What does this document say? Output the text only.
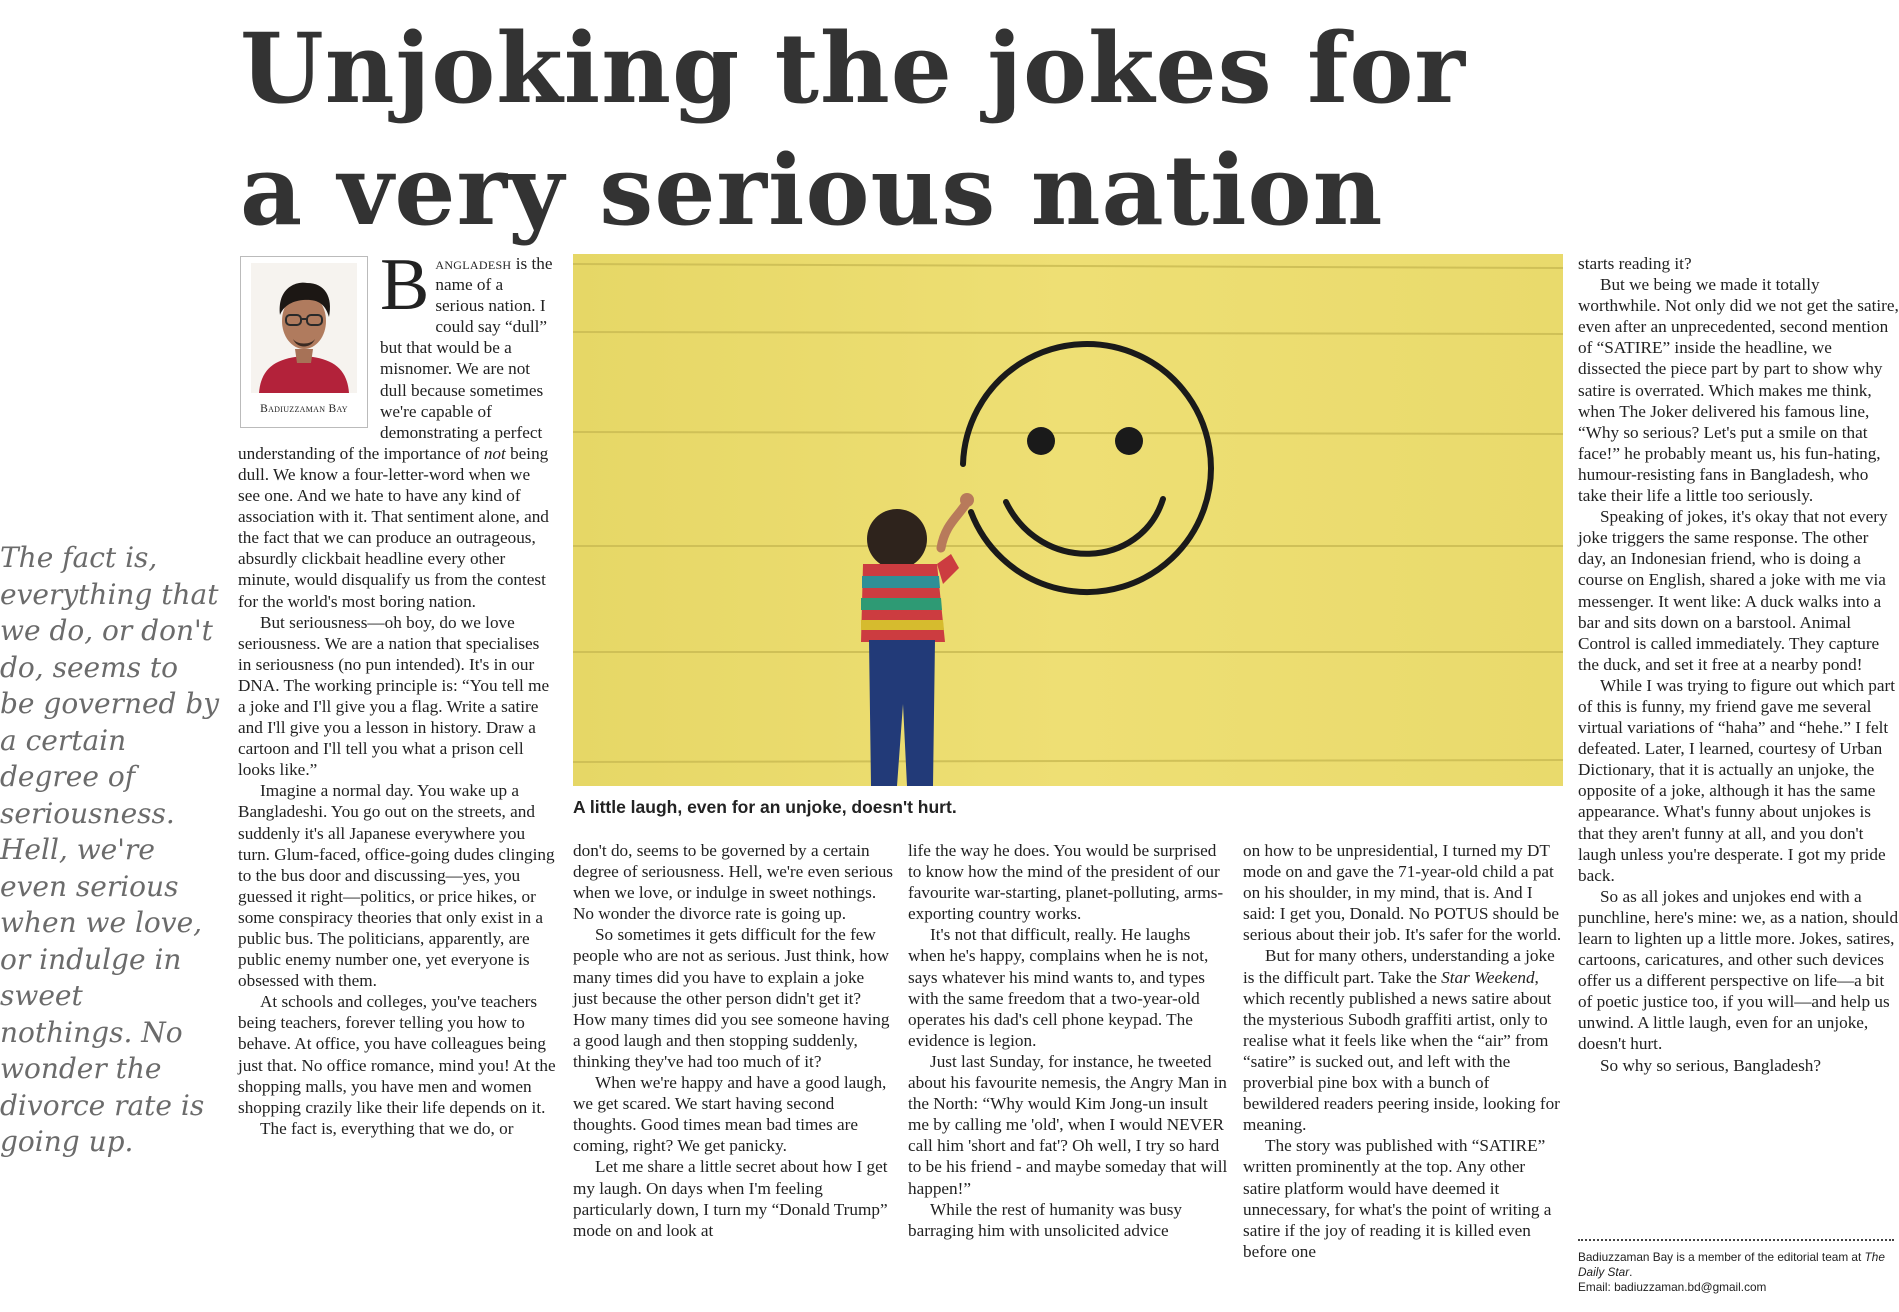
Unjoking the jokes for a very serious nation

The fact is, everything that we do, or don't do, seems to be governed by a certain degree of seriousness. Hell, we're even serious when we love, or indulge in sweet nothings. No wonder the divorce rate is going up.

Badiuzzaman Bay

Bangladesh is the name of a serious nation. I could say “dull” but that would be a misnomer. We are not dull because sometimes we're capable of demonstrating a perfect understanding of the importance of not being dull. We know a four-letter-word when we see one. And we hate to have any kind of association with it. That sentiment alone, and the fact that we can produce an outrageous, absurdly clickbait headline every other minute, would disqualify us from the contest for the world's most boring nation.

But seriousness—oh boy, do we love seriousness. We are a nation that specialises in seriousness (no pun intended). It's in our DNA. The working principle is: “You tell me a joke and I'll give you a flag. Write a satire and I'll give you a lesson in history. Draw a cartoon and I'll tell you what a prison cell looks like.”

Imagine a normal day. You wake up a Bangladeshi. You go out on the streets, and suddenly it's all Japanese everywhere you turn. Glum-faced, office-going dudes clinging to the bus door and discussing—yes, you guessed it right—politics, or price hikes, or some conspiracy theories that only exist in a public bus. The politicians, apparently, are public enemy number one, yet everyone is obsessed with them.

At schools and colleges, you've teachers being teachers, forever telling you how to behave. At office, you have colleagues being just that. No office romance, mind you! At the shopping malls, you have men and women shopping crazily like their life depends on it.

The fact is, everything that we do, or

A little laugh, even for an unjoke, doesn't hurt.

don't do, seems to be governed by a certain degree of seriousness. Hell, we're even serious when we love, or indulge in sweet nothings. No wonder the divorce rate is going up.

So sometimes it gets difficult for the few people who are not as serious. Just think, how many times did you have to explain a joke just because the other person didn't get it? How many times did you see someone having a good laugh and then stopping suddenly, thinking they've had too much of it?

When we're happy and have a good laugh, we get scared. We start having second thoughts. Good times mean bad times are coming, right? We get panicky.

Let me share a little secret about how I get my laugh. On days when I'm feeling particularly down, I turn my “Donald Trump” mode on and look at

life the way he does. You would be surprised to know how the mind of the president of our favourite war-starting, planet-polluting, arms-exporting country works.

It's not that difficult, really. He laughs when he's happy, complains when he is not, says whatever his mind wants to, and types with the same freedom that a two-year-old operates his dad's cell phone keypad. The evidence is legion.

Just last Sunday, for instance, he tweeted about his favourite nemesis, the Angry Man in the North: “Why would Kim Jong-un insult me by calling me 'old', when I would NEVER call him 'short and fat'? Oh well, I try so hard to be his friend - and maybe someday that will happen!”

While the rest of humanity was busy barraging him with unsolicited advice

on how to be unpresidential, I turned my DT mode on and gave the 71-year-old child a pat on his shoulder, in my mind, that is. And I said: I get you, Donald. No POTUS should be serious about their job. It's safer for the world.

But for many others, understanding a joke is the difficult part. Take the Star Weekend, which recently published a news satire about the mysterious Subodh graffiti artist, only to realise what it feels like when the “air” from “satire” is sucked out, and left with the proverbial pine box with a bunch of bewildered readers peering inside, looking for meaning.

The story was published with “SATIRE” written prominently at the top. Any other satire platform would have deemed it unnecessary, for what's the point of writing a satire if the joy of reading it is killed even before one

starts reading it?

But we being we made it totally worthwhile. Not only did we not get the satire, even after an unprecedented, second mention of “SATIRE” inside the headline, we dissected the piece part by part to show why satire is overrated. Which makes me think, when The Joker delivered his famous line, “Why so serious? Let's put a smile on that face!” he probably meant us, his fun-hating, humour-resisting fans in Bangladesh, who take their life a little too seriously.

Speaking of jokes, it's okay that not every joke triggers the same response. The other day, an Indonesian friend, who is doing a course on English, shared a joke with me via messenger. It went like: A duck walks into a bar and sits down on a barstool. Animal Control is called immediately. They capture the duck, and set it free at a nearby pond!

While I was trying to figure out which part of this is funny, my friend gave me several virtual variations of “haha” and “hehe.” I felt defeated. Later, I learned, courtesy of Urban Dictionary, that it is actually an unjoke, the opposite of a joke, although it has the same appearance. What's funny about unjokes is that they aren't funny at all, and you don't laugh unless you're desperate. I got my pride back.

So as all jokes and unjokes end with a punchline, here's mine: we, as a nation, should learn to lighten up a little more. Jokes, satires, cartoons, caricatures, and other such devices offer us a different perspective on life—a bit of poetic justice too, if you will—and help us unwind. A little laugh, even for an unjoke, doesn't hurt.

So why so serious, Bangladesh?

Badiuzzaman Bay is a member of the editorial team at The Daily Star.
Email: badiuzzaman.bd@gmail.com
